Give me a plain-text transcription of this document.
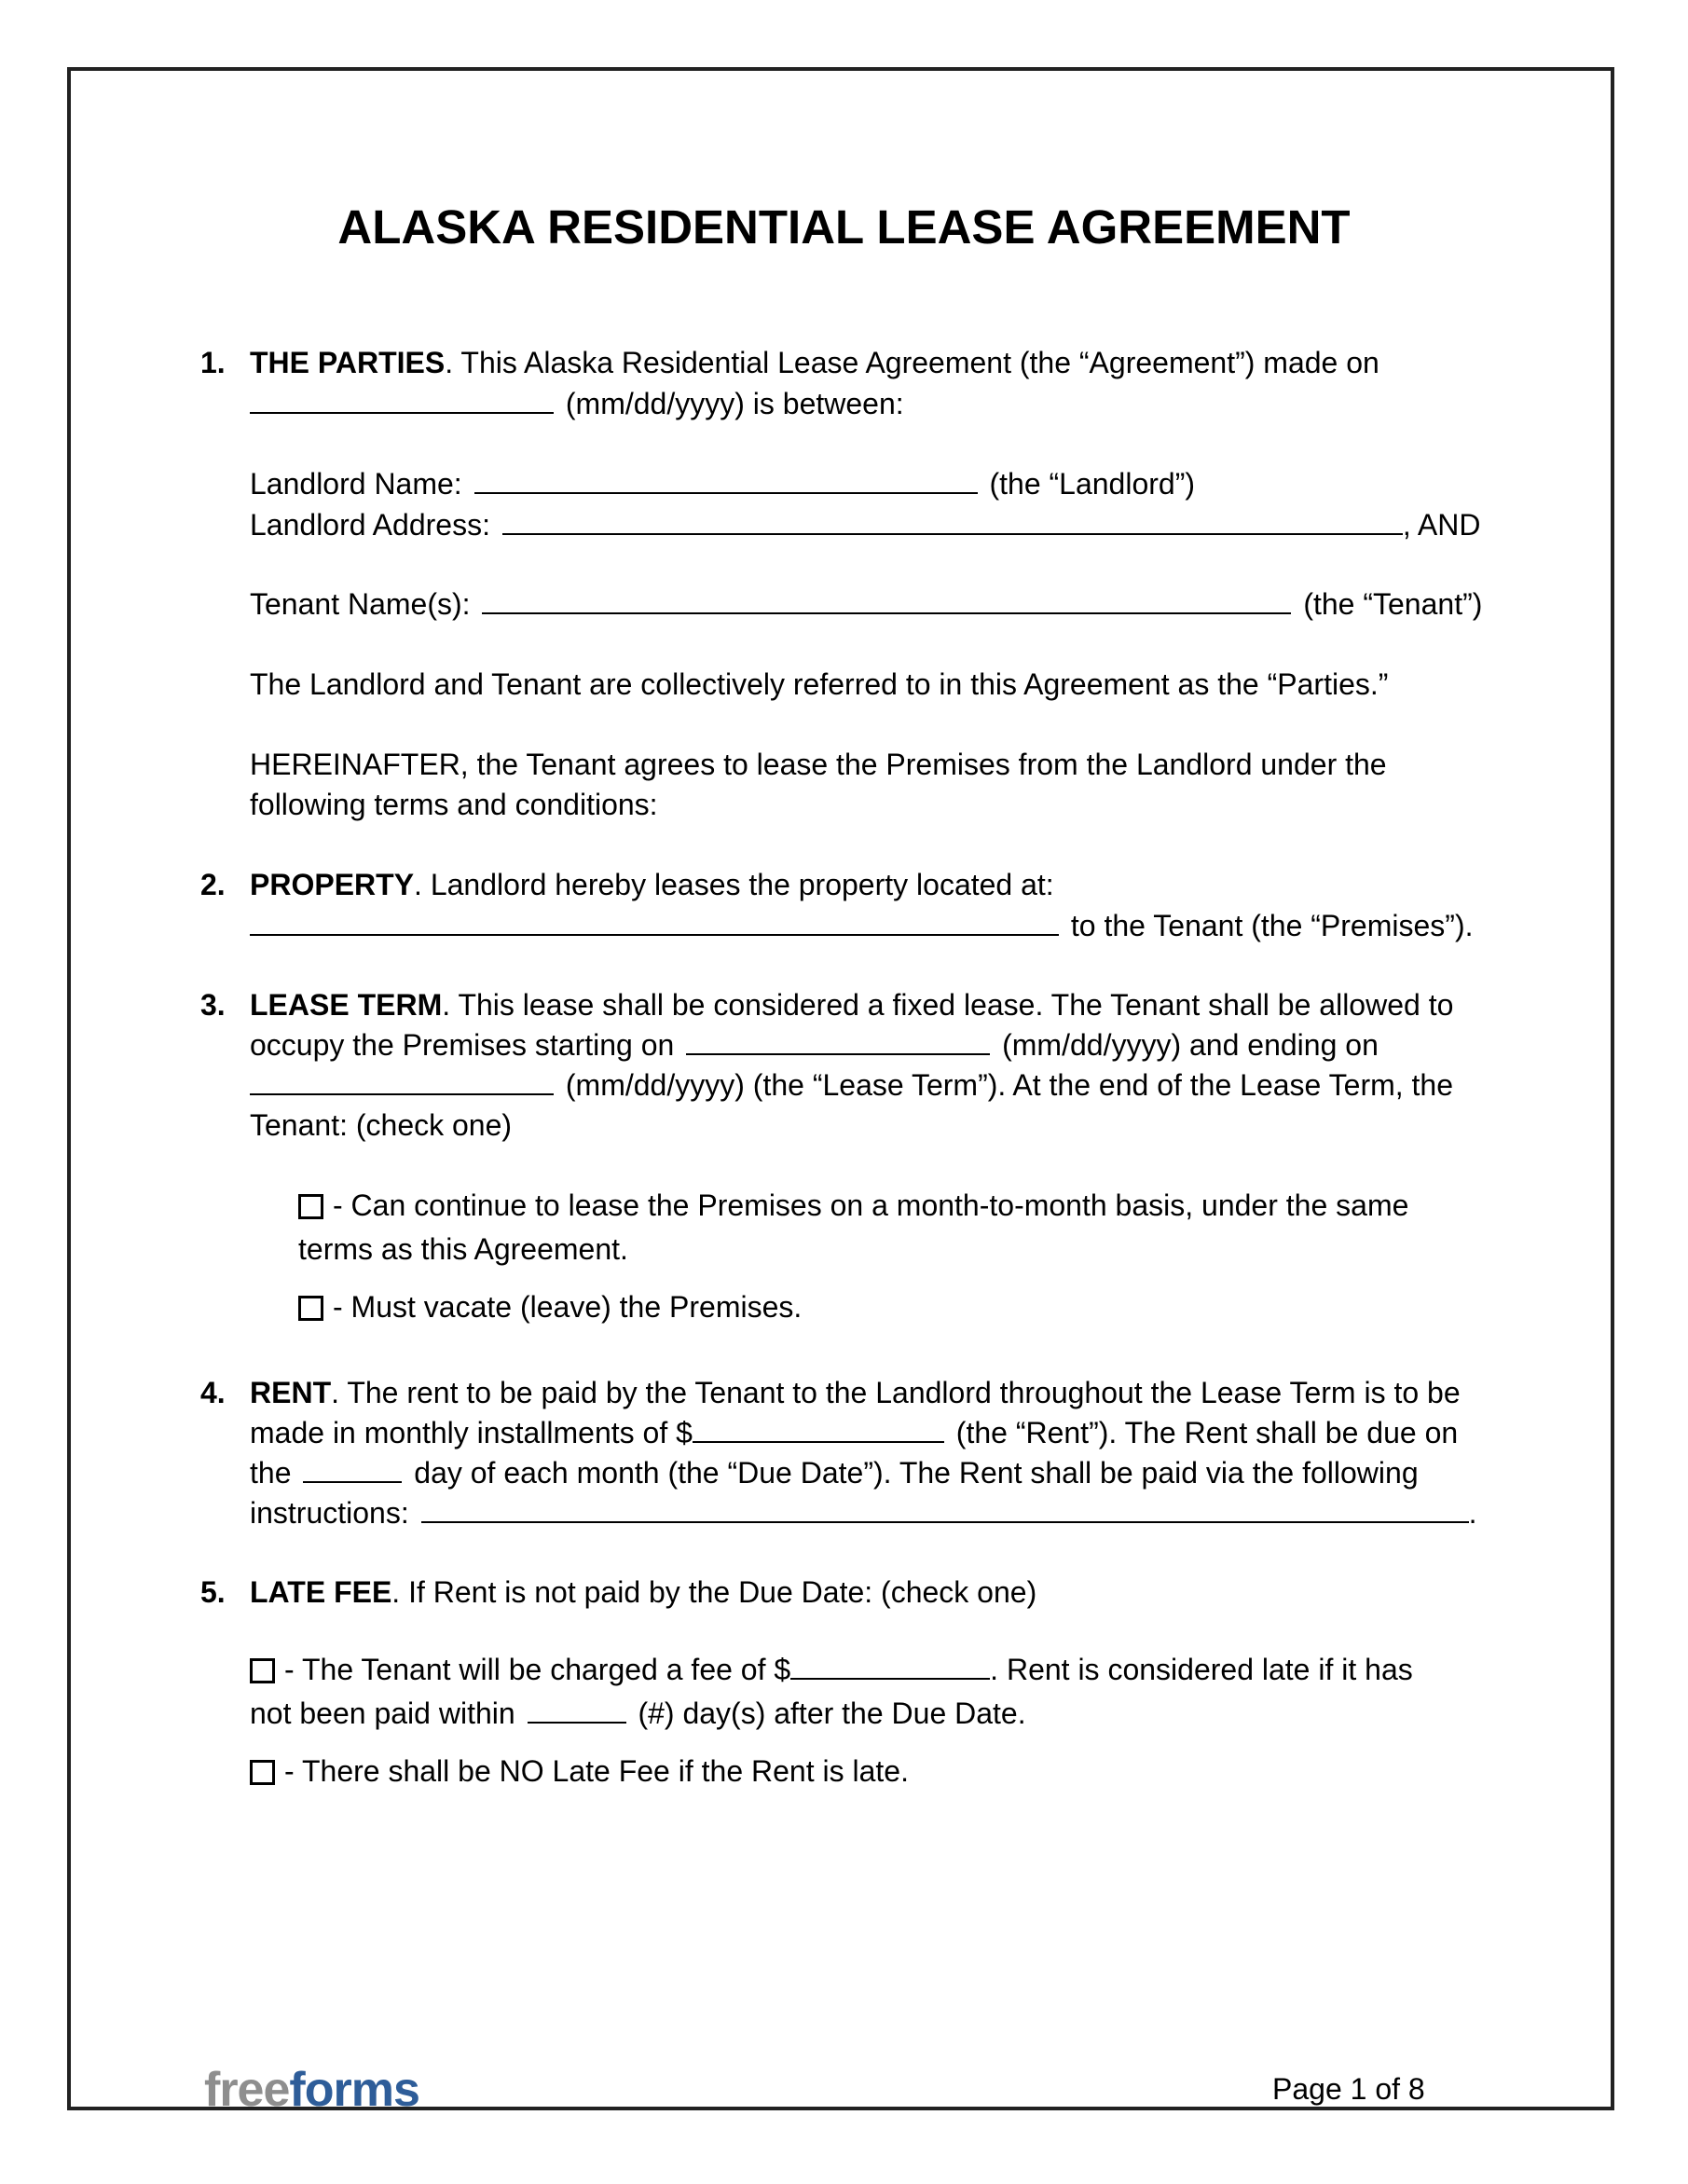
ALASKA RESIDENTIAL LEASE AGREEMENT
1. THE PARTIES. This Alaska Residential Lease Agreement (the “Agreement”) made on
(mm/dd/yyyy) is between:
Landlord Name:	(the “Landlord”)
Landlord Address:	, AND
Tenant Name(s):	(the “Tenant”)
The Landlord and Tenant are collectively referred to in this Agreement as the “Parties.”
HEREINAFTER, the Tenant agrees to lease the Premises from the Landlord under the
following terms and conditions:
2. PROPERTY. Landlord hereby leases the property located at:
to the Tenant (the “Premises”).
3. LEASE TERM. This lease shall be considered a fixed lease. The Tenant shall be allowed to
occupy the Premises starting on	(mm/dd/yyyy) and ending on
(mm/dd/yyyy) (the “Lease Term”). At the end of the Lease Term, the
Tenant: (check one)
- Can continue to lease the Premises on a month-to-month basis, under the same
terms as this Agreement.
- Must vacate (leave) the Premises.
4. RENT. The rent to be paid by the Tenant to the Landlord throughout the Lease Term is to be
made in monthly installments of $	(the “Rent”). The Rent shall be due on
the	day of each month (the “Due Date”). The Rent shall be paid via the following
instructions:	.
5. LATE FEE. If Rent is not paid by the Due Date: (check one)
- The Tenant will be charged a fee of $	. Rent is considered late if it has
not been paid within	(#) day(s) after the Due Date.
- There shall be NO Late Fee if the Rent is late.
freeforms	Page 1 of 8
